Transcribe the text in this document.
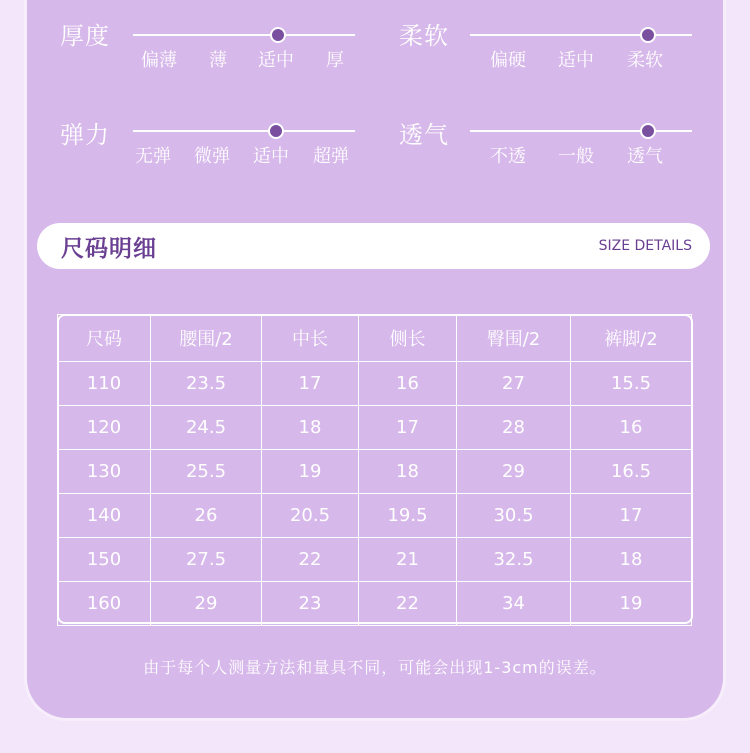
厚度
偏薄 薄 适中 厚
柔软
偏硬 适中 柔软
弹力
无弹 微弹 适中 超弹
透气
不透 一般 透气
尺码明细	SIZE DETAILS
尺码	腰围/2	中长	侧长	臀围/2	裤脚/2
110	23.5	17	16	27	15.5
120	24.5	18	17	28	16
130	25.5	19	18	29	16.5
140	26	20.5	19.5	30.5	17
150	27.5	22	21	32.5	18
160	29	23	22	34	19
由于每个人测量方法和量具不同，可能会出现1-3cm的误差。
